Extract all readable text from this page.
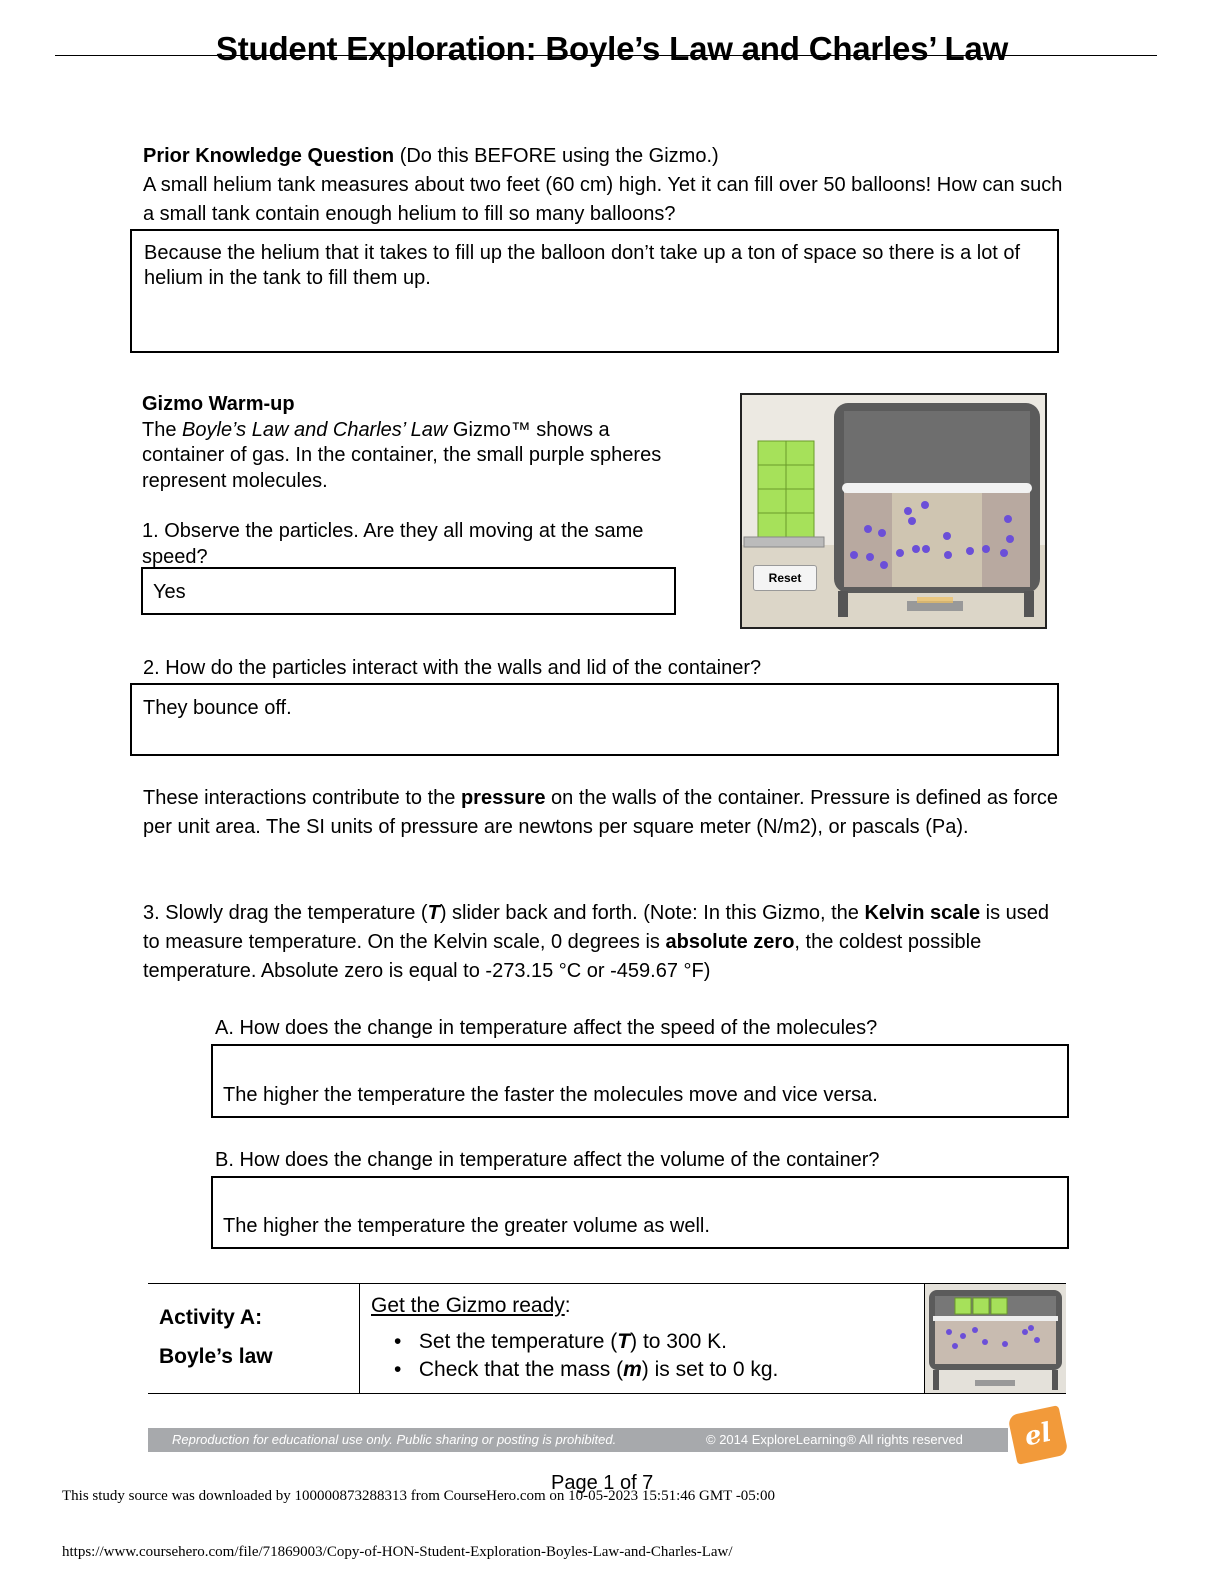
Student Exploration: Boyle’s Law and Charles’ Law
Prior Knowledge Question (Do this BEFORE using the Gizmo.)
A small helium tank measures about two feet (60 cm) high. Yet it can fill over 50 balloons! How can such a small tank contain enough helium to fill so many balloons?
Because the helium that it takes to fill up the balloon don’t take up a ton of space so there is a lot of helium in the tank to fill them up.
Gizmo Warm-up
The Boyle’s Law and Charles’ Law Gizmo™ shows a container of gas. In the container, the small purple spheres represent molecules.
1. Observe the particles. Are they all moving at the same speed?
Yes
Reset
2. How do the particles interact with the walls and lid of the container?
They bounce off.
These interactions contribute to the pressure on the walls of the container. Pressure is defined as force per unit area. The SI units of pressure are newtons per square meter (N/m2), or pascals (Pa).
3. Slowly drag the temperature (T) slider back and forth. (Note: In this Gizmo, the Kelvin scale is used to measure temperature. On the Kelvin scale, 0 degrees is absolute zero, the coldest possible temperature. Absolute zero is equal to -273.15 °C or -459.67 °F)
A. How does the change in temperature affect the speed of the molecules?
The higher the temperature the faster the molecules move and vice versa.
B. How does the change in temperature affect the volume of the container?
The higher the temperature the greater volume as well.
Activity A:
Boyle’s law
Get the Gizmo ready:
•   Set the temperature (T) to 300 K.
•   Check that the mass (m) is set to 0 kg.
Reproduction for educational use only. Public sharing or posting is prohibited.	© 2014 ExploreLearning® All rights reserved	el
Page 1 of 7
This study source was downloaded by 100000873288313 from CourseHero.com on 10-05-2023 15:51:46 GMT -05:00
https://www.coursehero.com/file/71869003/Copy-of-HON-Student-Exploration-Boyles-Law-and-Charles-Law/
